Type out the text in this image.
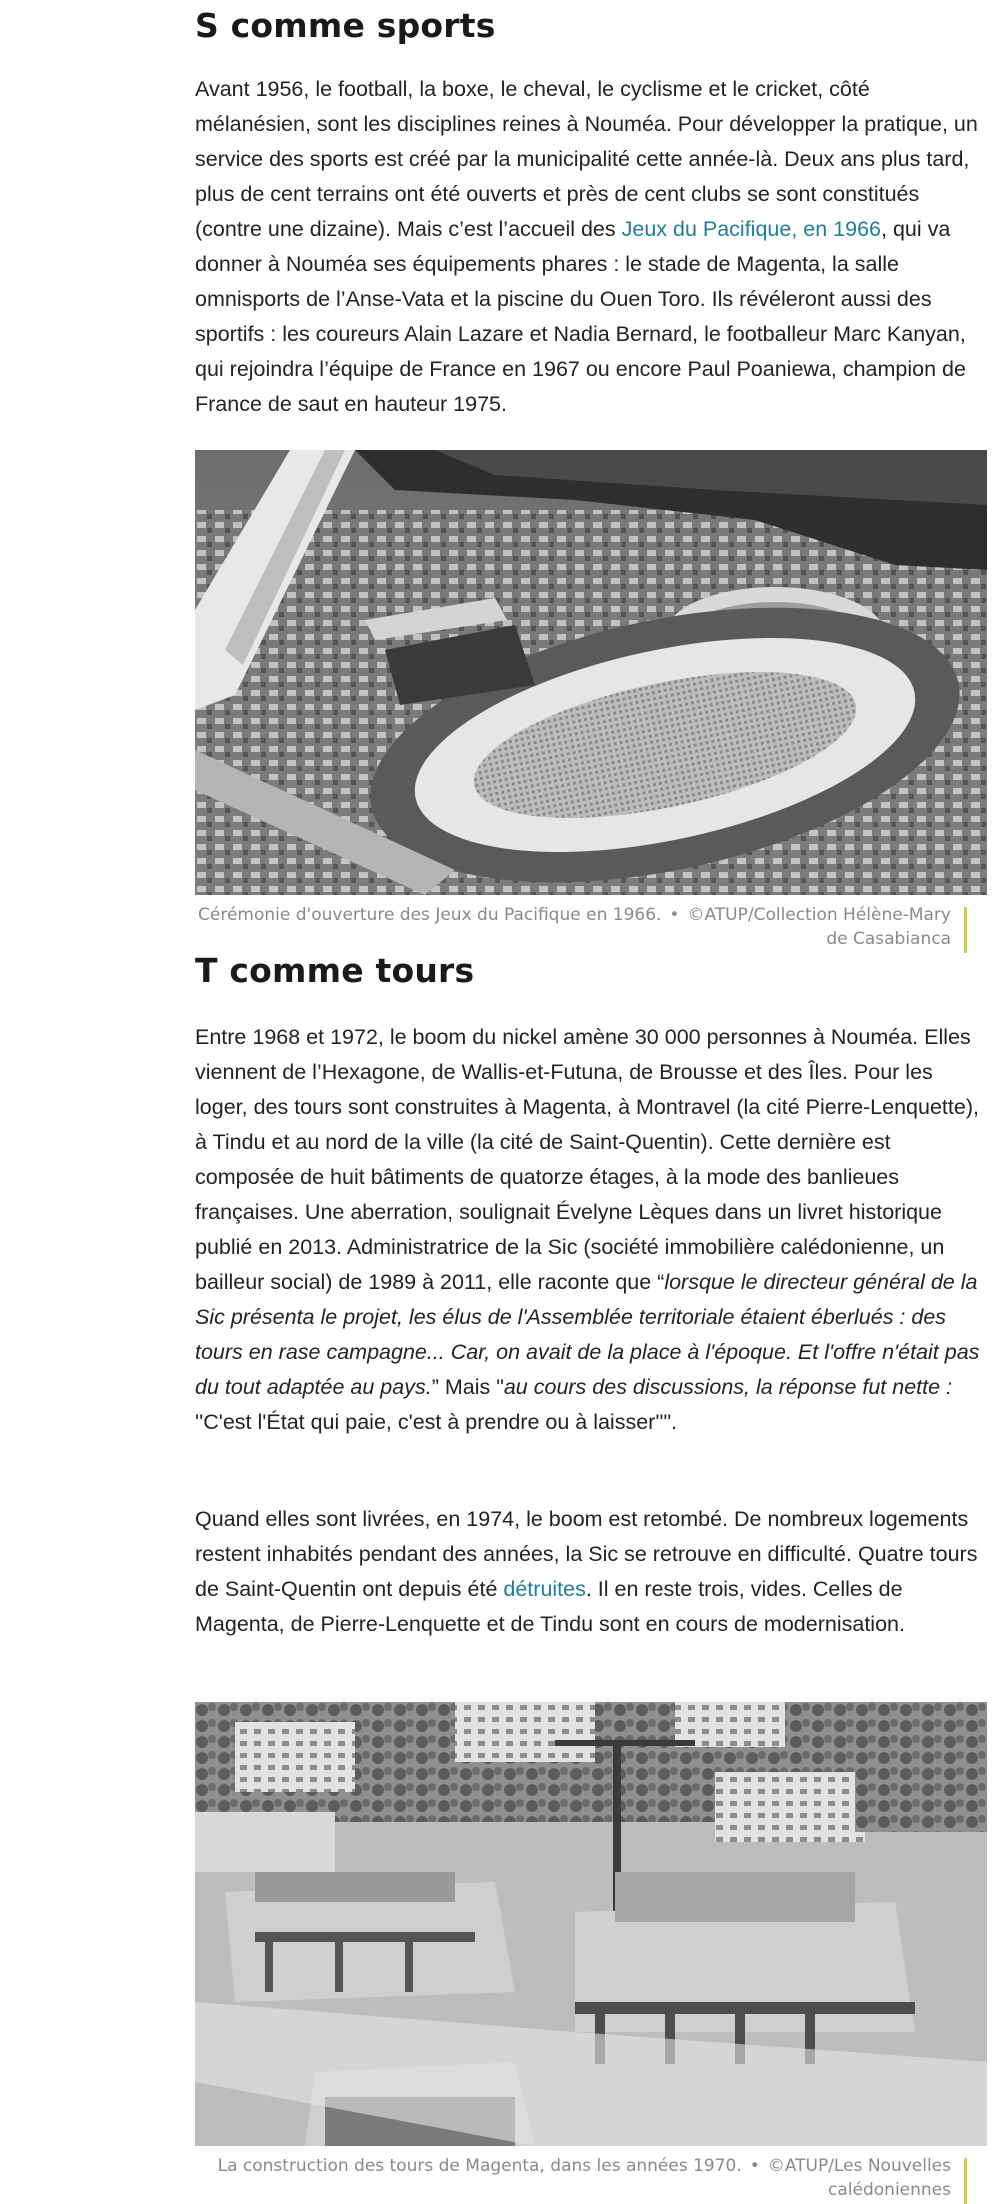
S comme sports

Avant 1956, le football, la boxe, le cheval, le cyclisme et le cricket, côté mélanésien, sont les disciplines reines à Nouméa. Pour développer la pratique, un service des sports est créé par la municipalité cette année-là. Deux ans plus tard, plus de cent terrains ont été ouverts et près de cent clubs se sont constitués (contre une dizaine). Mais c’est l’accueil des Jeux du Pacifique, en 1966, qui va donner à Nouméa ses équipements phares : le stade de Magenta, la salle omnisports de l’Anse-Vata et la piscine du Ouen Toro. Ils révéleront aussi des sportifs : les coureurs Alain Lazare et Nadia Bernard, le footballeur Marc Kanyan, qui rejoindra l’équipe de France en 1967 ou encore Paul Poaniewa, champion de France de saut en hauteur 1975.

Cérémonie d'ouverture des Jeux du Pacifique en 1966. • ©ATUP/Collection Hélène-Mary de Casabianca
T comme tours

Entre 1968 et 1972, le boom du nickel amène 30 000 personnes à Nouméa. Elles viennent de l’Hexagone, de Wallis-et-Futuna, de Brousse et des Îles. Pour les loger, des tours sont construites à Magenta, à Montravel (la cité Pierre-Lenquette), à Tindu et au nord de la ville (la cité de Saint-Quentin). Cette dernière est composée de huit bâtiments de quatorze étages, à la mode des banlieues françaises. Une aberration, soulignait Évelyne Lèques dans un livret historique publié en 2013. Administratrice de la Sic (société immobilière calédonienne, un bailleur social) de 1989 à 2011, elle raconte que “lorsque le directeur général de la Sic présenta le projet, les élus de l'Assemblée territoriale étaient éberlués : des tours en rase campagne... Car, on avait de la place à l'époque. Et l'offre n'était pas du tout adaptée au pays.” Mais "au cours des discussions, la réponse fut nette : ''C'est l'État qui paie, c'est à prendre ou à laisser''".

Quand elles sont livrées, en 1974, le boom est retombé. De nombreux logements restent inhabités pendant des années, la Sic se retrouve en difficulté. Quatre tours de Saint-Quentin ont depuis été détruites. Il en reste trois, vides. Celles de Magenta, de Pierre-Lenquette et de Tindu sont en cours de modernisation.

La construction des tours de Magenta, dans les années 1970. • ©ATUP/Les Nouvelles calédoniennes
